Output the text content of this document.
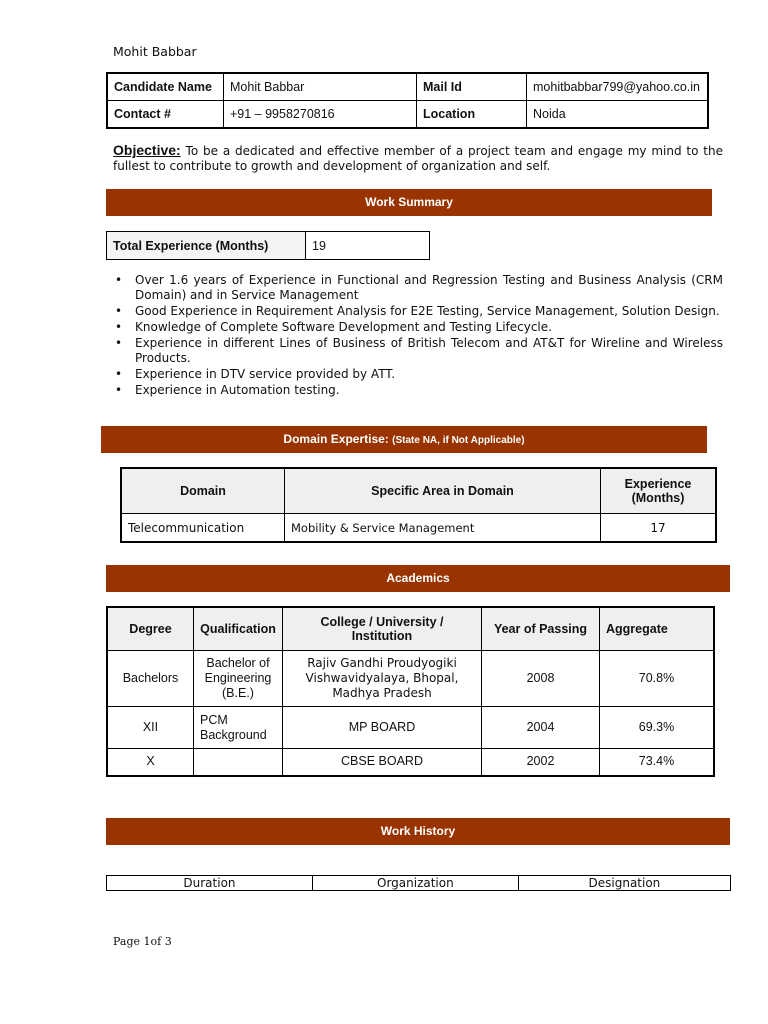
Mohit Babbar
Candidate Name	Mohit Babbar	Mail Id	mohitbabbar799@yahoo.co.in
Contact #	+91 – 9958270816	Location	Noida
Objective: To be a dedicated and effective member of a project team and engage my mind to the fullest to contribute to growth and development of organization and self.
Work Summary
Total Experience (Months)	19
• Over 1.6 years of Experience in Functional and Regression Testing and Business Analysis (CRM Domain) and in Service Management
• Good Experience in Requirement Analysis for E2E Testing, Service Management, Solution Design.
• Knowledge of Complete Software Development and Testing Lifecycle.
• Experience in different Lines of Business of British Telecom and AT&T for Wireline and Wireless Products.
• Experience in DTV service provided by ATT.
• Experience in Automation testing.
Domain Expertise: (State NA, if Not Applicable)
Domain	Specific Area in Domain	Experience (Months)
Telecommunication	Mobility & Service Management	17
Academics
Degree	Qualification	College / University / Institution	Year of Passing	Aggregate
Bachelors	Bachelor of Engineering (B.E.)	Rajiv Gandhi Proudyogiki Vishwavidyalaya, Bhopal, Madhya Pradesh	2008	70.8%
XII	PCM Background	MP BOARD	2004	69.3%
X		CBSE BOARD	2002	73.4%
Work History
Duration	Organization	Designation
Page 1of 3
